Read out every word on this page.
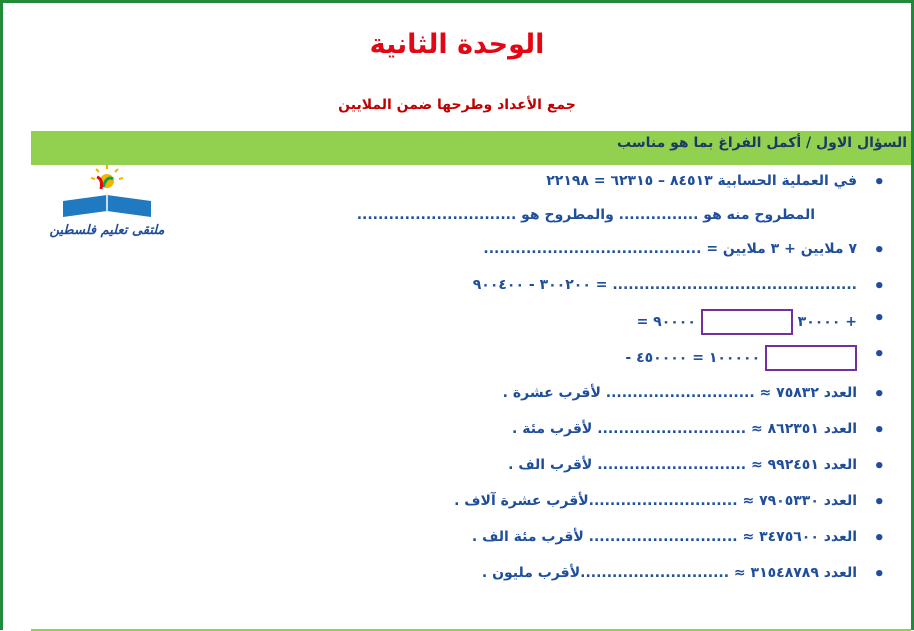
الوحدة الثانية
جمع الأعداد وطرحها ضمن الملايين
السؤال الاول / أكمل الفراغ بما هو مناسب
ملتقى تعليم فلسطين
• في العملية الحسابية ٨٤٥١٣ – ٦٢٣١٥ = ٢٢١٩٨
المطروح منه هو ............... والمطروح هو ..............................
• ٧ ملايين + ٣ ملايين = .........................................
• .............................................. = ٣٠٠٢٠٠ - ٩٠٠٤٠٠
• + ٣٠٠٠٠  ٩٠٠٠٠ =
• ١٠٠٠٠٠ = ٤٥٠٠٠٠ -
• العدد ٧٥٨٣٢ ≈ ............................ لأقرب عشرة .
• العدد ٨٦٢٣٥١ ≈ ............................ لأقرب مئة .
• العدد ٩٩٢٤٥١ ≈ ............................ لأقرب الف .
• العدد ٧٩٠٥٣٣٠ ≈ ............................لأقرب عشرة آلاف .
• العدد ٣٤٧٥٦٠٠ ≈ ............................ لأقرب مئة الف .
• العدد ٣١٥٤٨٧٨٩ ≈ ............................لأقرب مليون .
